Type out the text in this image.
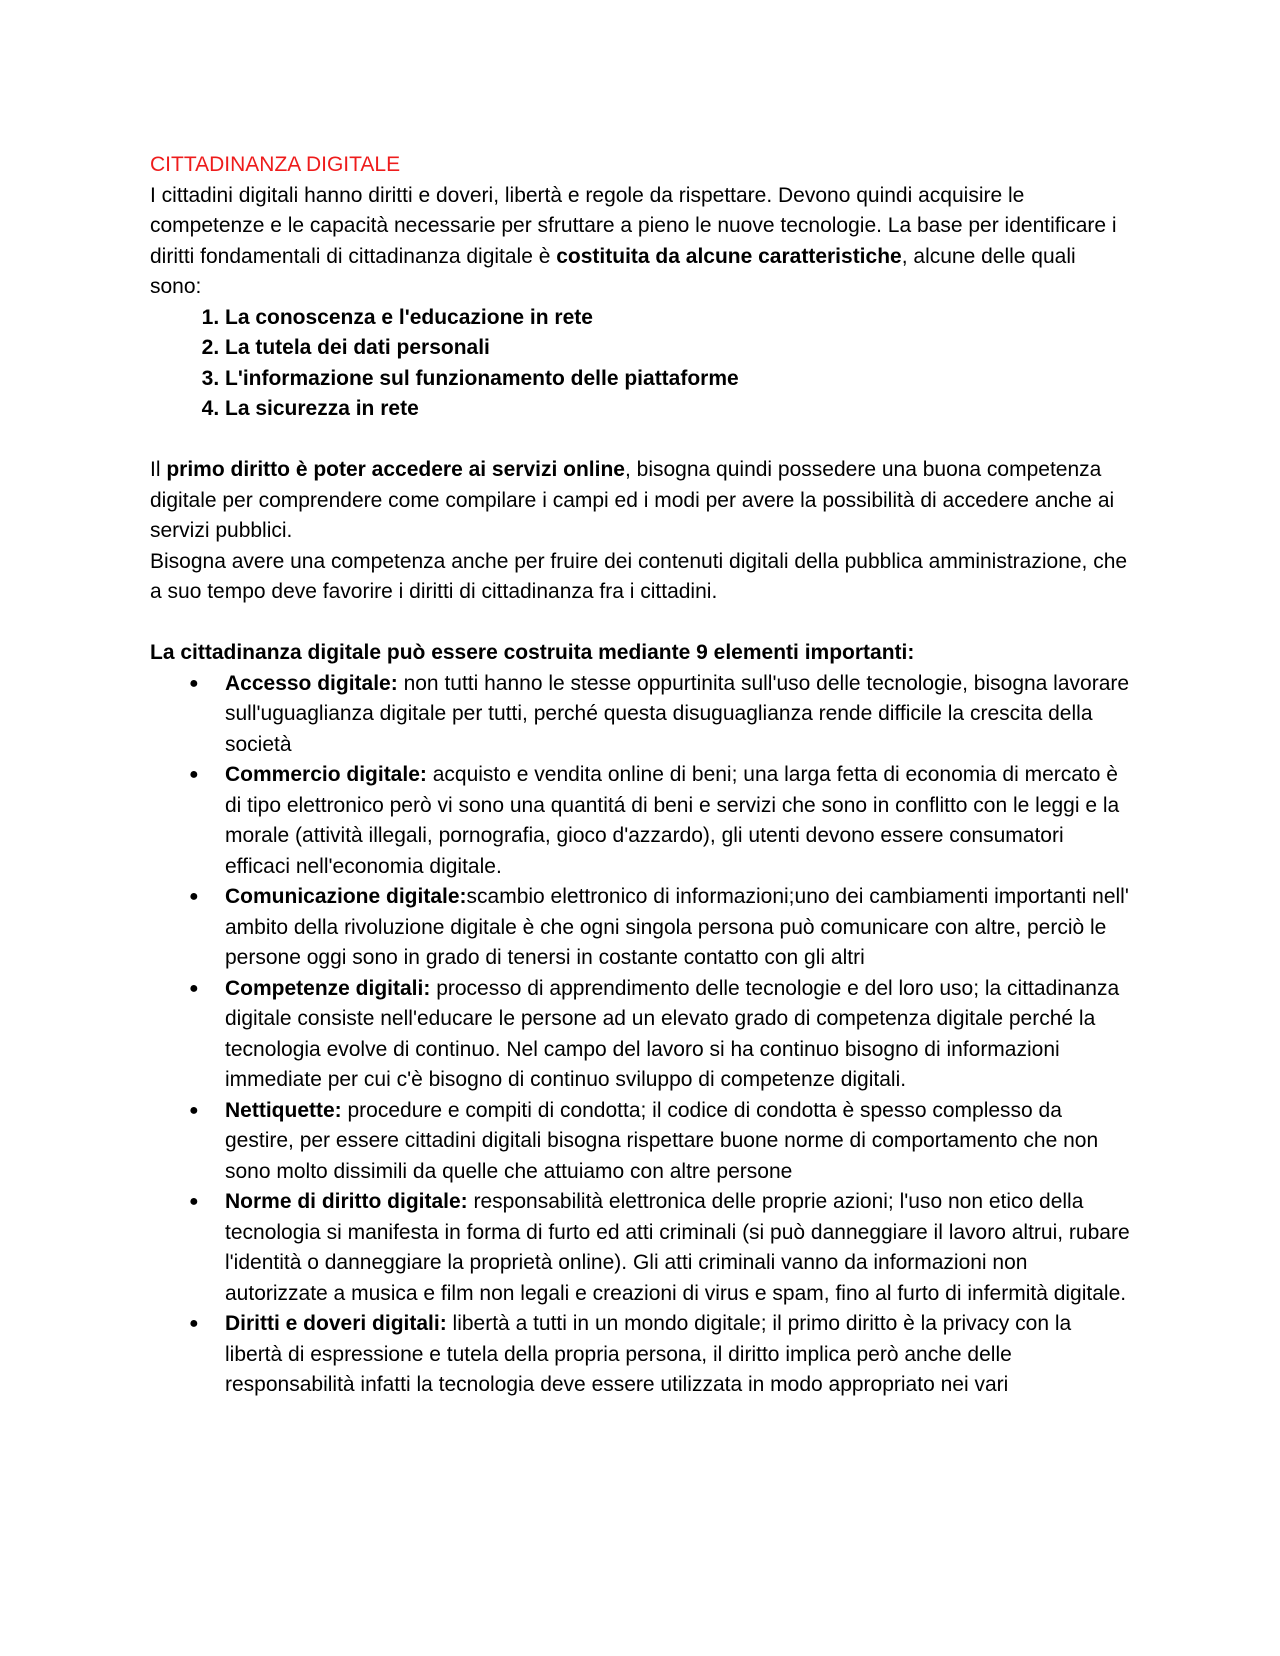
CITTADINANZA DIGITALE

I cittadini digitali hanno diritti e doveri, libertà e regole da rispettare. Devono quindi acquisire le competenze e le capacità necessarie per sfruttare a pieno le nuove tecnologie. La base per identificare i diritti fondamentali di cittadinanza digitale è costituita da alcune caratteristiche, alcune delle quali sono:

1. La conoscenza e l'educazione in rete
2. La tutela dei dati personali
3. L'informazione sul funzionamento delle piattaforme
4. La sicurezza in rete

Il primo diritto è poter accedere ai servizi online, bisogna quindi possedere una buona competenza digitale per comprendere come compilare i campi ed i modi per avere la possibilità di accedere anche ai servizi pubblici.

Bisogna avere una competenza anche per fruire dei contenuti digitali della pubblica amministrazione, che a suo tempo deve favorire i diritti di cittadinanza fra i cittadini.

La cittadinanza digitale può essere costruita mediante 9 elementi importanti:

● Accesso digitale: non tutti hanno le stesse oppurtinita sull'uso delle tecnologie, bisogna lavorare sull'uguaglianza digitale per tutti, perché questa disuguaglianza rende difficile la crescita della società
● Commercio digitale: acquisto e vendita online di beni; una larga fetta di economia di mercato è di tipo elettronico però vi sono una quantitá di beni e servizi che sono in conflitto con le leggi e la morale (attività illegali, pornografia, gioco d'azzardo), gli utenti devono essere consumatori efficaci nell'economia digitale.
● Comunicazione digitale:scambio elettronico di informazioni;uno dei cambiamenti importanti nell' ambito della rivoluzione digitale è che ogni singola persona può comunicare con altre, perciò le persone oggi sono in grado di tenersi in costante contatto con gli altri
● Competenze digitali: processo di apprendimento delle tecnologie e del loro uso; la cittadinanza digitale consiste nell'educare le persone ad un elevato grado di competenza digitale perché la tecnologia evolve di continuo. Nel campo del lavoro si ha continuo bisogno di informazioni immediate per cui c'è bisogno di continuo sviluppo di competenze digitali.
● Nettiquette: procedure e compiti di condotta; il codice di condotta è spesso complesso da gestire, per essere cittadini digitali bisogna rispettare buone norme di comportamento che non sono molto dissimili da quelle che attuiamo con altre persone
● Norme di diritto digitale: responsabilità elettronica delle proprie azioni; l'uso non etico della tecnologia si manifesta in forma di furto ed atti criminali (si può danneggiare il lavoro altrui, rubare l'identità o danneggiare la proprietà online). Gli atti criminali vanno da informazioni non autorizzate a musica e film non legali e creazioni di virus e spam, fino al furto di infermità digitale.
● Diritti e doveri digitali: libertà a tutti in un mondo digitale; il primo diritto è la privacy con la libertà di espressione e tutela della propria persona, il diritto implica però anche delle responsabilità infatti la tecnologia deve essere utilizzata in modo appropriato nei vari
